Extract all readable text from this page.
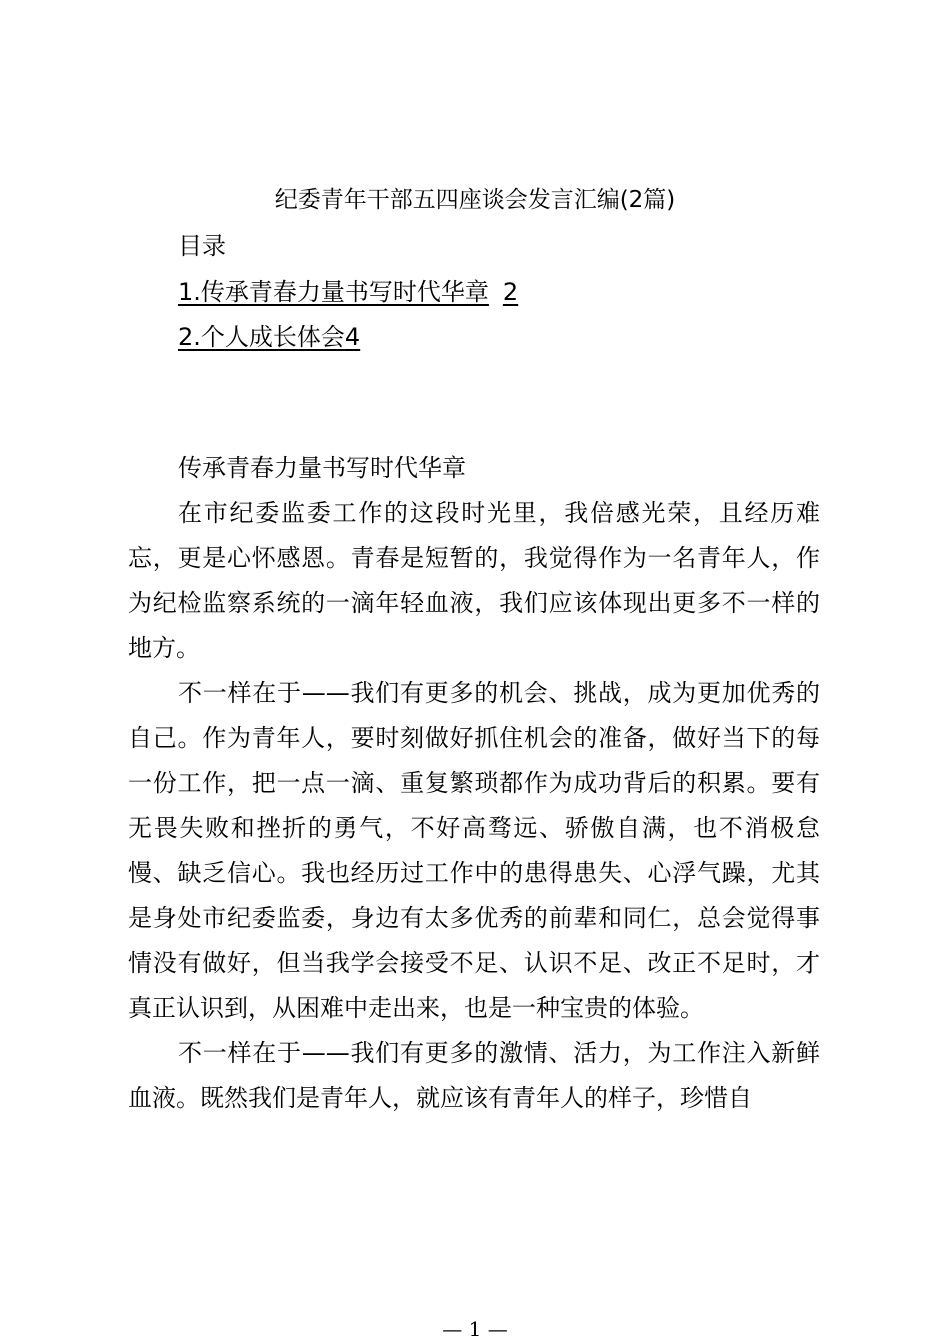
纪委青年干部五四座谈会发言汇编(2篇)
目录
1.传承青春力量书写时代华章 2
2.个人成长体会4
传承青春力量书写时代华章

在市纪委监委工作的这段时光里，我倍感光荣，且经历难忘，更是心怀感恩。青春是短暂的，我觉得作为一名青年人，作为纪检监察系统的一滴年轻血液，我们应该体现出更多不一样的地方。

不一样在于——我们有更多的机会、挑战，成为更加优秀的自己。作为青年人，要时刻做好抓住机会的准备，做好当下的每一份工作，把一点一滴、重复繁琐都作为成功背后的积累。要有无畏失败和挫折的勇气，不好高骛远、骄傲自满，也不消极怠慢、缺乏信心。我也经历过工作中的患得患失、心浮气躁，尤其是身处市纪委监委，身边有太多优秀的前辈和同仁，总会觉得事情没有做好，但当我学会接受不足、认识不足、改正不足时，才真正认识到，从困难中走出来，也是一种宝贵的体验。

不一样在于——我们有更多的激情、活力，为工作注入新鲜血液。既然我们是青年人，就应该有青年人的样子，珍惜自

— 1 —
